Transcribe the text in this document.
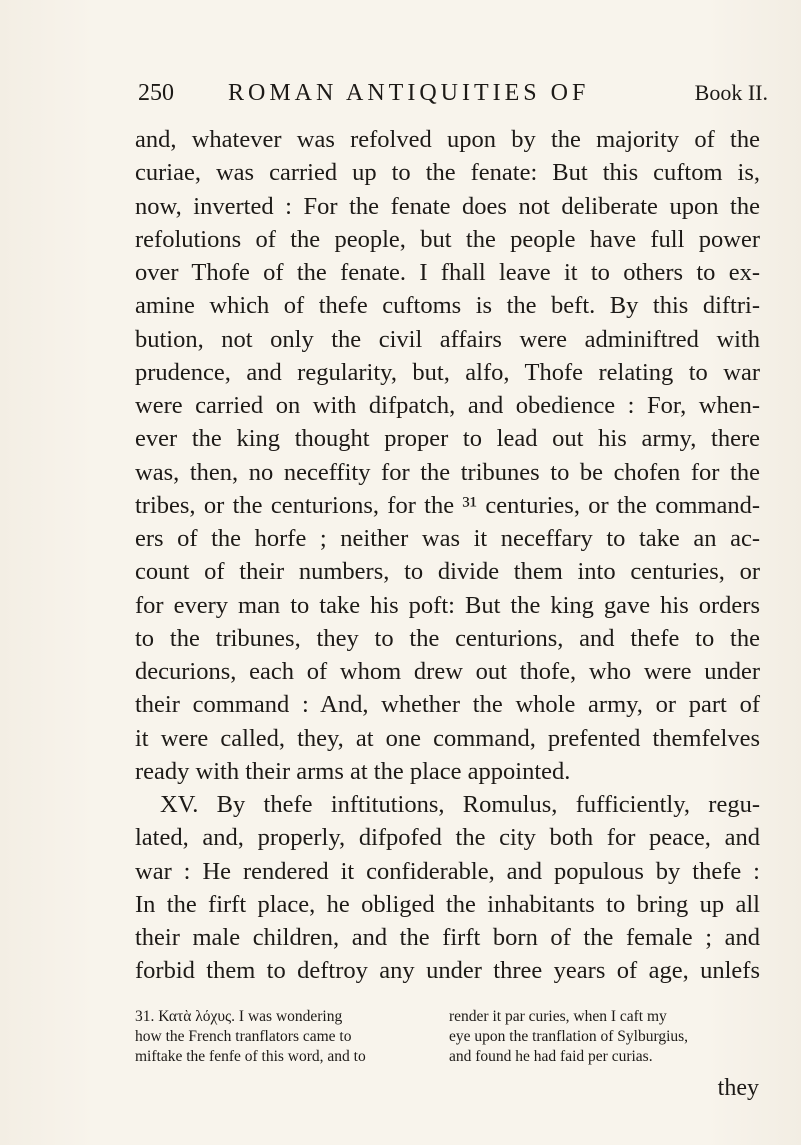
250 ROMAN ANTIQUITIES OF	Book II.
and, whatever was refolved upon by the majority of the
curiae, was carried up to the fenate: But this cuftom is,
now, inverted : For the fenate does not deliberate upon the
refolutions of the people, but the people have full power
over Thofe of the fenate. I fhall leave it to others to ex-
amine which of thefe cuftoms is the beft. By this diftri-
bution, not only the civil affairs were adminiftred with
prudence, and regularity, but, alfo, Thofe relating to war
were carried on with difpatch, and obedience : For, when-
ever the king thought proper to lead out his army, there
was, then, no neceffity for the tribunes to be chofen for the
tribes, or the centurions, for the ³¹ centuries, or the command-
ers of the horfe ; neither was it neceffary to take an ac-
count of their numbers, to divide them into centuries, or
for every man to take his poft: But the king gave his orders
to the tribunes, they to the centurions, and thefe to the
decurions, each of whom drew out thofe, who were under
their command : And, whether the whole army, or part of
it were called, they, at one command, prefented themfelves
ready with their arms at the place appointed.
XV. By thefe inftitutions, Romulus, fufficiently, regu-
lated, and, properly, difpofed the city both for peace, and
war : He rendered it confiderable, and populous by thefe :
In the firft place, he obliged the inhabitants to bring up all
their male children, and the firft born of the female ; and
forbid them to deftroy any under three years of age, unlefs
31. Κατὰ λόχυς. I was wondering
how the French tranflators came to
miftake the fenfe of this word, and to
render it par curies, when I caft my
eye upon the tranflation of Sylburgius,
and found he had faid per curias.
they
